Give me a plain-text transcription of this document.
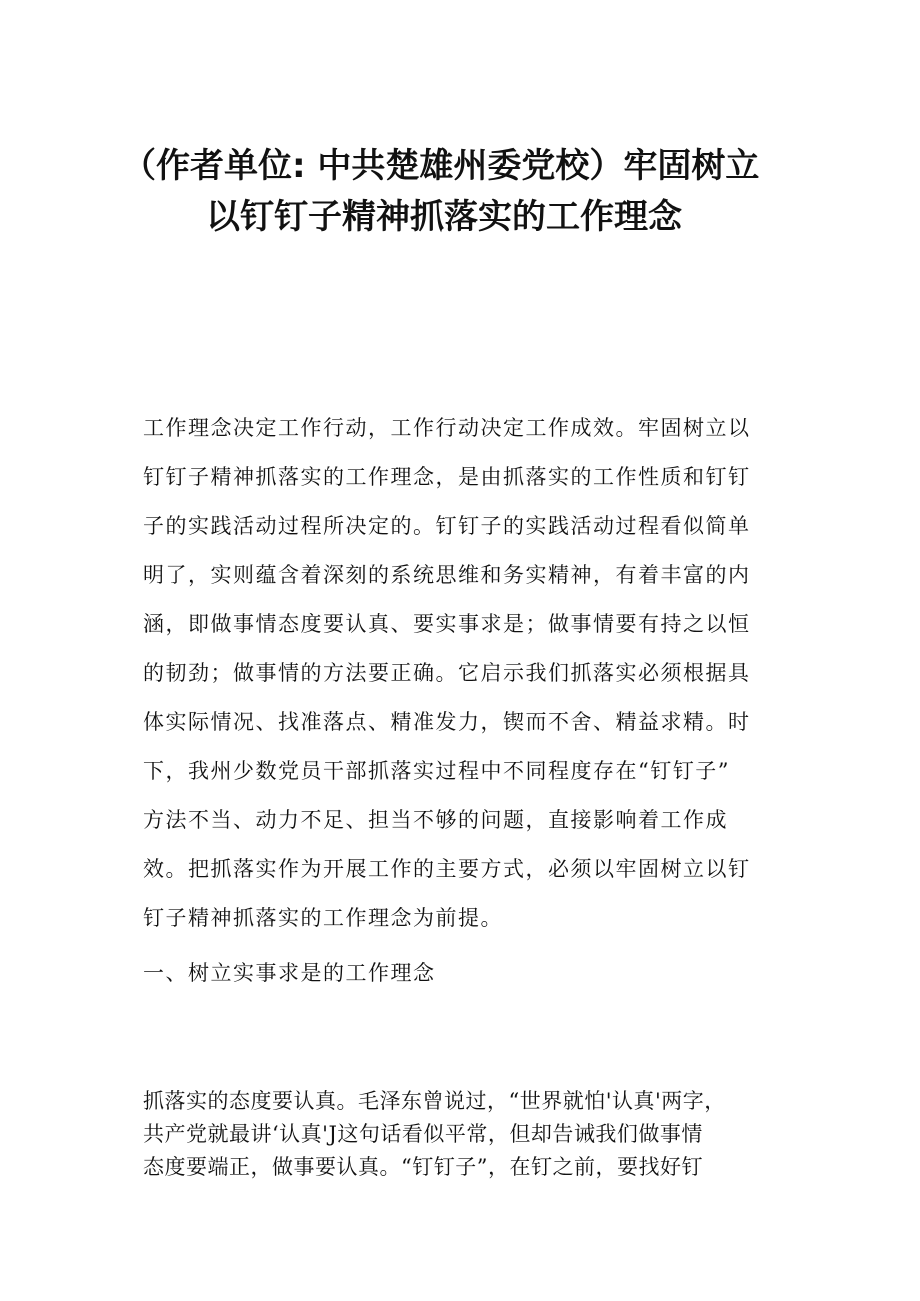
（作者单位: 中共楚雄州委党校）牢固树立
以钉钉子精神抓落实的工作理念
工作理念决定工作行动，工作行动决定工作成效。牢固树立以
钉钉子精神抓落实的工作理念，是由抓落实的工作性质和钉钉
子的实践活动过程所决定的。钉钉子的实践活动过程看似简单
明了，实则蕴含着深刻的系统思维和务实精神，有着丰富的内
涵，即做事情态度要认真、要实事求是；做事情要有持之以恒
的韧劲；做事情的方法要正确。它启示我们抓落实必须根据具
体实际情况、找准落点、精准发力，锲而不舍、精益求精。时
下，我州少数党员干部抓落实过程中不同程度存在“钉钉子”
方法不当、动力不足、担当不够的问题，直接影响着工作成
效。把抓落实作为开展工作的主要方式，必须以牢固树立以钉
钉子精神抓落实的工作理念为前提。
一、树立实事求是的工作理念
抓落实的态度要认真。毛泽东曾说过，“世界就怕'认真'两字，
共产党就最讲‘认真'J这句话看似平常，但却告诫我们做事情
态度要端正，做事要认真。“钉钉子”，在钉之前，要找好钉
